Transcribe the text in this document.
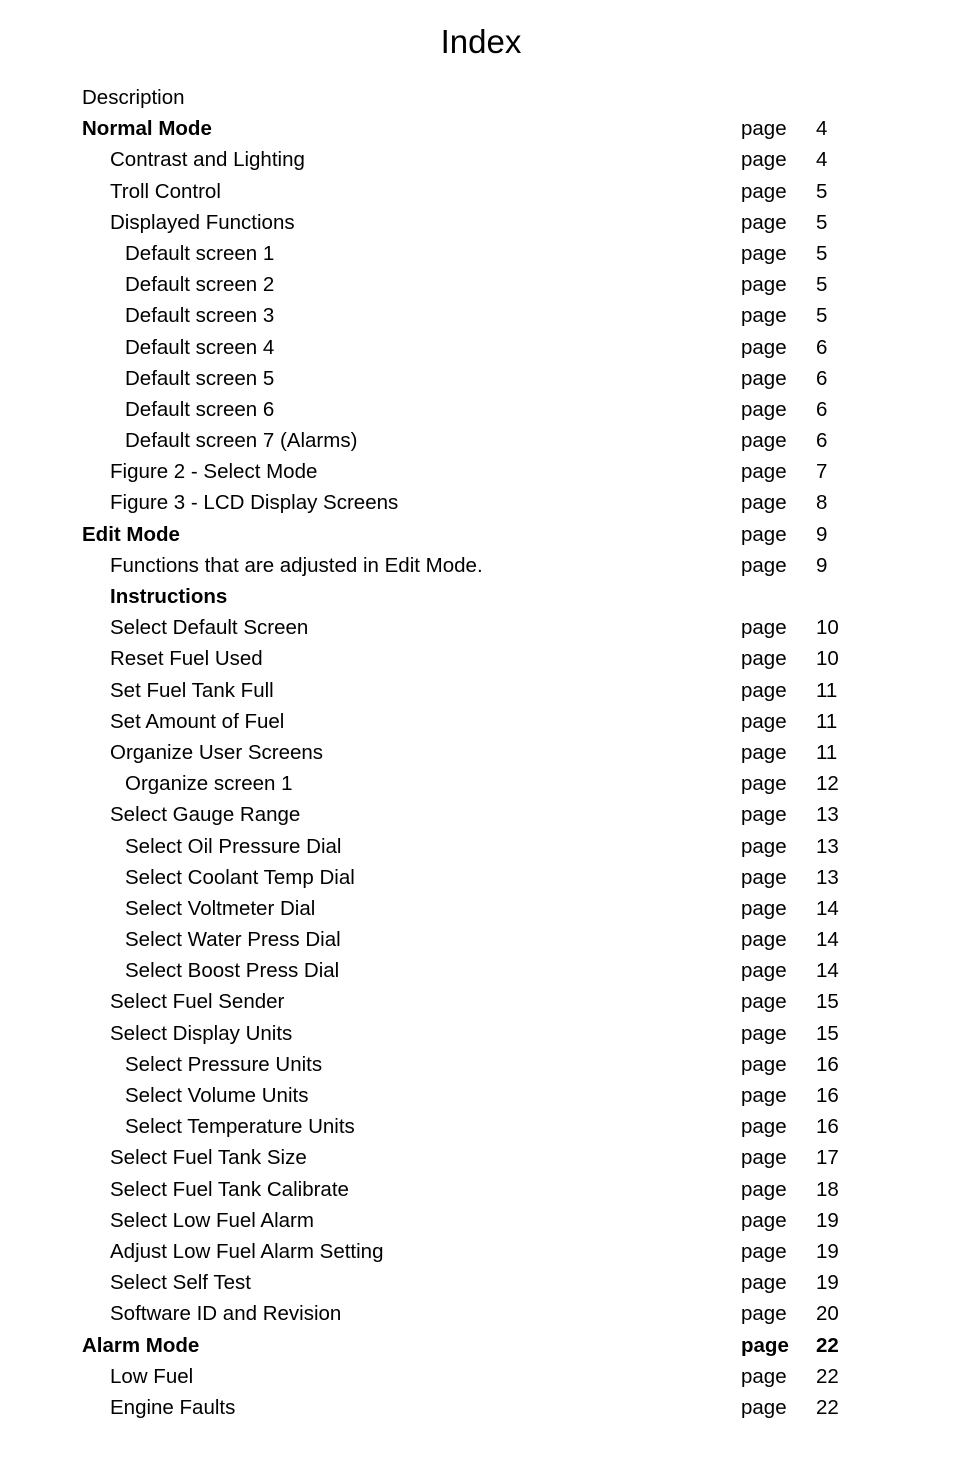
Index
Description
Normal Mode	page 4
Contrast and Lighting	page 4
Troll Control	page 5
Displayed Functions	page 5
Default screen 1	page 5
Default screen 2	page 5
Default screen 3	page 5
Default screen 4	page 6
Default screen 5	page 6
Default screen 6	page 6
Default screen 7 (Alarms)	page 6
Figure 2 - Select Mode	page 7
Figure 3 - LCD Display Screens	page 8
Edit Mode	page 9
Functions that are adjusted in Edit Mode.	page 9
Instructions
Select Default Screen	page 10
Reset Fuel Used	page 10
Set Fuel Tank Full	page 11
Set Amount of Fuel	page 11
Organize User Screens	page 11
Organize screen 1	page 12
Select Gauge Range	page 13
Select Oil Pressure Dial	page 13
Select Coolant Temp Dial	page 13
Select Voltmeter Dial	page 14
Select Water Press Dial	page 14
Select Boost Press Dial	page 14
Select Fuel Sender	page 15
Select Display Units	page 15
Select Pressure Units	page 16
Select Volume Units	page 16
Select Temperature Units	page 16
Select Fuel Tank Size	page 17
Select Fuel Tank Calibrate	page 18
Select Low Fuel Alarm	page 19
Adjust Low Fuel Alarm Setting	page 19
Select Self Test	page 19
Software ID and Revision	page 20
Alarm Mode	page 22
Low Fuel	page 22
Engine Faults	page 22
